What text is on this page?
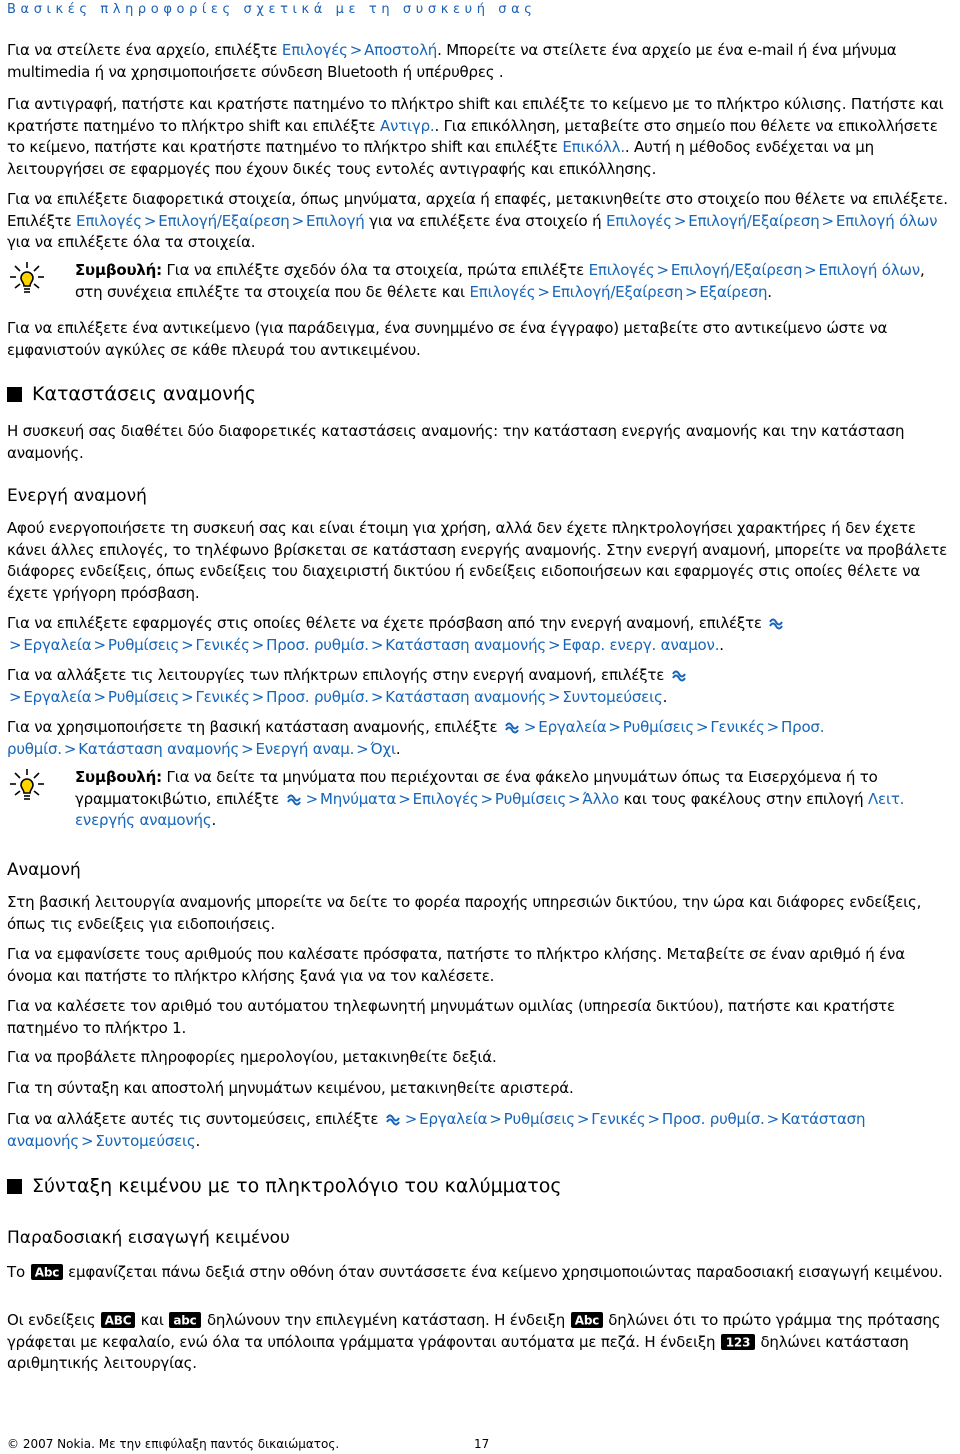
Βασικές πληροφορίες σχετικά με τη συσκευή σας

Για να στείλετε ένα αρχείο, επιλέξτε Επιλογές > Αποστολή. Μπορείτε να στείλετε ένα αρχείο με ένα e-mail ή ένα μήνυμα multimedia ή να χρησιμοποιήσετε σύνδεση Bluetooth ή υπέρυθρες .

Για αντιγραφή, πατήστε και κρατήστε πατημένο το πλήκτρο shift και επιλέξτε το κείμενο με το πλήκτρο κύλισης. Πατήστε και κρατήστε πατημένο το πλήκτρο shift και επιλέξτε Αντιγρ.. Για επικόλληση, μεταβείτε στο σημείο που θέλετε να επικολλήσετε το κείμενο, πατήστε και κρατήστε πατημένο το πλήκτρο shift και επιλέξτε Επικόλλ.. Αυτή η μέθοδος ενδέχεται να μη λειτουργήσει σε εφαρμογές που έχουν δικές τους εντολές αντιγραφής και επικόλλησης.

Για να επιλέξετε διαφορετικά στοιχεία, όπως μηνύματα, αρχεία ή επαφές, μετακινηθείτε στο στοιχείο που θέλετε να επιλέξετε. Επιλέξτε Επιλογές > Επιλογή/Εξαίρεση > Επιλογή για να επιλέξετε ένα στοιχείο ή Επιλογές > Επιλογή/Εξαίρεση > Επιλογή όλων για να επιλέξετε όλα τα στοιχεία.

Συμβουλή: Για να επιλέξτε σχεδόν όλα τα στοιχεία, πρώτα επιλέξτε Επιλογές > Επιλογή/Εξαίρεση > Επιλογή όλων, στη συνέχεια επιλέξτε τα στοιχεία που δε θέλετε και Επιλογές > Επιλογή/Εξαίρεση > Εξαίρεση.

Για να επιλέξετε ένα αντικείμενο (για παράδειγμα, ένα συνημμένο σε ένα έγγραφο) μεταβείτε στο αντικείμενο ώστε να εμφανιστούν αγκύλες σε κάθε πλευρά του αντικειμένου.

Καταστάσεις αναμονής

Η συσκευή σας διαθέτει δύο διαφορετικές καταστάσεις αναμονής: την κατάσταση ενεργής αναμονής και την κατάσταση αναμονής.

Ενεργή αναμονή

Αφού ενεργοποιήσετε τη συσκευή σας και είναι έτοιμη για χρήση, αλλά δεν έχετε πληκτρολογήσει χαρακτήρες ή δεν έχετε κάνει άλλες επιλογές, το τηλέφωνο βρίσκεται σε κατάσταση ενεργής αναμονής. Στην ενεργή αναμονή, μπορείτε να προβάλετε διάφορες ενδείξεις, όπως ενδείξεις του διαχειριστή δικτύου ή ενδείξεις ειδοποιήσεων και εφαρμογές στις οποίες θέλετε να έχετε γρήγορη πρόσβαση.

Για να επιλέξετε εφαρμογές στις οποίες θέλετε να έχετε πρόσβαση από την ενεργή αναμονή, επιλέξτε > Εργαλεία > Ρυθμίσεις > Γενικές > Προσ. ρυθμίσ. > Κατάσταση αναμονής > Εφαρ. ενεργ. αναμον..

Για να αλλάξετε τις λειτουργίες των πλήκτρων επιλογής στην ενεργή αναμονή, επιλέξτε > Εργαλεία > Ρυθμίσεις > Γενικές > Προσ. ρυθμίσ. > Κατάσταση αναμονής > Συντομεύσεις.

Για να χρησιμοποιήσετε τη βασική κατάσταση αναμονής, επιλέξτε > Εργαλεία > Ρυθμίσεις > Γενικές > Προσ. ρυθμίσ. > Κατάσταση αναμονής > Ενεργή αναμ. > Όχι.

Συμβουλή: Για να δείτε τα μηνύματα που περιέχονται σε ένα φάκελο μηνυμάτων όπως τα Εισερχόμενα ή το γραμματοκιβώτιο, επιλέξτε > Μηνύματα > Επιλογές > Ρυθμίσεις > Άλλο και τους φακέλους στην επιλογή Λειτ. ενεργής αναμονής.

Αναμονή

Στη βασική λειτουργία αναμονής μπορείτε να δείτε το φορέα παροχής υπηρεσιών δικτύου, την ώρα και διάφορες ενδείξεις, όπως τις ενδείξεις για ειδοποιήσεις.

Για να εμφανίσετε τους αριθμούς που καλέσατε πρόσφατα, πατήστε το πλήκτρο κλήσης. Μεταβείτε σε έναν αριθμό ή ένα όνομα και πατήστε το πλήκτρο κλήσης ξανά για να τον καλέσετε.

Για να καλέσετε τον αριθμό του αυτόματου τηλεφωνητή μηνυμάτων ομιλίας (υπηρεσία δικτύου), πατήστε και κρατήστε πατημένο το πλήκτρο 1.

Για να προβάλετε πληροφορίες ημερολογίου, μετακινηθείτε δεξιά.

Για τη σύνταξη και αποστολή μηνυμάτων κειμένου, μετακινηθείτε αριστερά.

Για να αλλάξετε αυτές τις συντομεύσεις, επιλέξτε > Εργαλεία > Ρυθμίσεις > Γενικές > Προσ. ρυθμίσ. > Κατάσταση αναμονής > Συντομεύσεις.

Σύνταξη κειμένου με το πληκτρολόγιο του καλύμματος
Παραδοσιακή εισαγωγή κειμένου

Το Abc εμφανίζεται πάνω δεξιά στην οθόνη όταν συντάσσετε ένα κείμενο χρησιμοποιώντας παραδοσιακή εισαγωγή κειμένου.

Οι ενδείξεις ABC και abc δηλώνουν την επιλεγμένη κατάσταση. Η ένδειξη Abc δηλώνει ότι το πρώτο γράμμα της πρότασης γράφεται με κεφαλαίο, ενώ όλα τα υπόλοιπα γράμματα γράφονται αυτόματα με πεζά. Η ένδειξη 123 δηλώνει κατάσταση αριθμητικής λειτουργίας.

© 2007 Nokia. Με την επιφύλαξη παντός δικαιώματος.	17
